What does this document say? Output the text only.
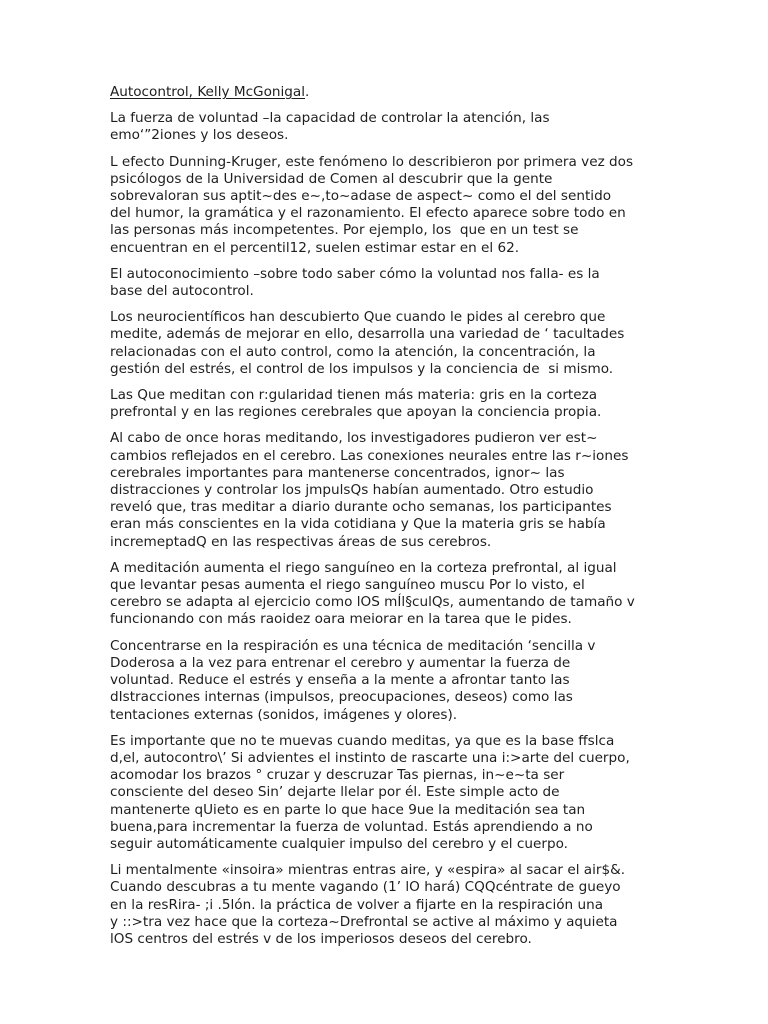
Autocontrol, Kelly McGonigal.
La fuerza de voluntad –la capacidad de controlar la atención, las
emo‘”2iones y los deseos.
L efecto Dunning-Kruger, este fenómeno lo describieron por primera vez dos
psicólogos de la Universidad de Comen al descubrir que la gente
sobrevaloran sus aptit~des e~,to~adase de aspect~ como el del sentido
del humor, la gramática y el razonamiento. El efecto aparece sobre todo en
las personas más incompetentes. Por ejemplo, los  que en un test se
encuentran en el percentil12, suelen estimar estar en el 62.
El autoconocimiento –sobre todo saber cómo la voluntad nos falla- es la
base del autocontrol.
Los neurocientíficos han descubierto Que cuando le pides al cerebro que
medite, además de mejorar en ello, desarrolla una variedad de ‘ tacultades
relacionadas con el auto control, como la atención, la concentración, la
gestión del estrés, el control de los impulsos y la conciencia de  si mismo.
Las Que meditan con r:gularidad tienen más materia: gris en la corteza
prefrontal y en las regiones cerebrales que apoyan la conciencia propia.
Al cabo de once horas meditando, los investigadores pudieron ver est~
cambios reflejados en el cerebro. Las conexiones neurales entre las r~iones
cerebrales importantes para mantenerse concentrados, ignor~ las
distracciones y controlar los jmpulsQs habían aumentado. Otro estudio
reveló que, tras meditar a diario durante ocho semanas, los participantes
eran más conscientes en la vida cotidiana y Que la materia gris se había
incremeptadQ en las respectivas áreas de sus cerebros.
A meditación aumenta el riego sanguíneo en la corteza prefrontal, al igual
que levantar pesas aumenta el riego sanguíneo muscu Por lo visto, el
cerebro se adapta al ejercicio como lOS mÍl§culQs, aumentando de tamaño v
funcionando con más raoidez oara meiorar en la tarea que le pides.
Concentrarse en la respiración es una técnica de meditación ‘sencilla v
Doderosa a la vez para entrenar el cerebro y aumentar la fuerza de
voluntad. Reduce el estrés y enseña a la mente a afrontar tanto las
dIstracciones internas (impulsos, preocupaciones, deseos) como las
tentaciones externas (sonidos, imágenes y olores).
Es importante que no te muevas cuando meditas, ya que es la base ffslca
d,el, autocontro\’ Si advientes el instinto de rascarte una i:>arte del cuerpo,
acomodar los brazos ° cruzar y descruzar Tas piernas, in~e~ta ser
consciente del deseo Sin’ dejarte llelar por él. Este simple acto de
mantenerte qUieto es en parte lo que hace 9ue la meditación sea tan
buena,para incrementar la fuerza de voluntad. Estás aprendiendo a no
seguir automáticamente cualquier impulso del cerebro y el cuerpo.
Li mentalmente «insoira» mientras entras aire, y «espira» al sacar el air$&.
Cuando descubras a tu mente vagando (1’ lO hará) CQQcéntrate de gueyo
en la resRira- ;i .5lón. la práctica de volver a fijarte en la respiración una
y ::>tra vez hace que la corteza~Drefrontal se active al máximo y aquieta
lOS centros del estrés v de los imperiosos deseos del cerebro.
